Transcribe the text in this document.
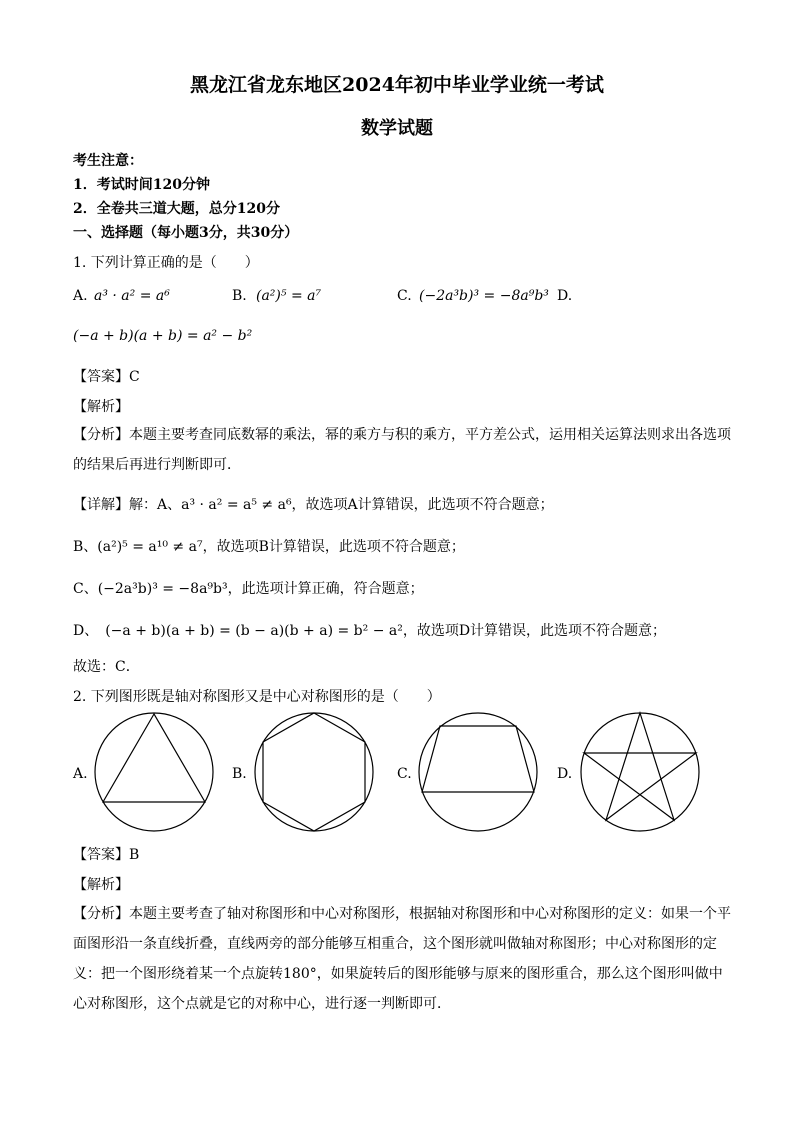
黑龙江省龙东地区2024年初中毕业学业统一考试
数学试题
考生注意：
1．考试时间120分钟
2．全卷共三道大题，总分120分
一、选择题（每小题3分，共30分）
1. 下列计算正确的是（　　）
A. a³ · a² = a⁶	B. (a²)⁵ = a⁷	C. (−2a³b)³ = −8a⁹b³ D.
(−a + b)(a + b) = a² − b²
【答案】C
【解析】
【分析】本题主要考查同底数幂的乘法，幂的乘方与积的乘方，平方差公式，运用相关运算法则求出各选项的结果后再进行判断即可．
【详解】解：A、a³ · a² = a⁵ ≠ a⁶，故选项A计算错误，此选项不符合题意；
B、(a²)⁵ = a¹⁰ ≠ a⁷，故选项B计算错误，此选项不符合题意；
C、(−2a³b)³ = −8a⁹b³，此选项计算正确，符合题意；
D、　(−a + b)(a + b) = (b − a)(b + a) = b² − a²，故选项D计算错误，此选项不符合题意；
故选：C．
2. 下列图形既是轴对称图形又是中心对称图形的是（　　）
A.	B.	C.	D.
【答案】B
【解析】
【分析】本题主要考查了轴对称图形和中心对称图形，根据轴对称图形和中心对称图形的定义：如果一个平面图形沿一条直线折叠，直线两旁的部分能够互相重合，这个图形就叫做轴对称图形；中心对称图形的定义：把一个图形绕着某一个点旋转180°，如果旋转后的图形能够与原来的图形重合，那么这个图形叫做中心对称图形，这个点就是它的对称中心，进行逐一判断即可．
